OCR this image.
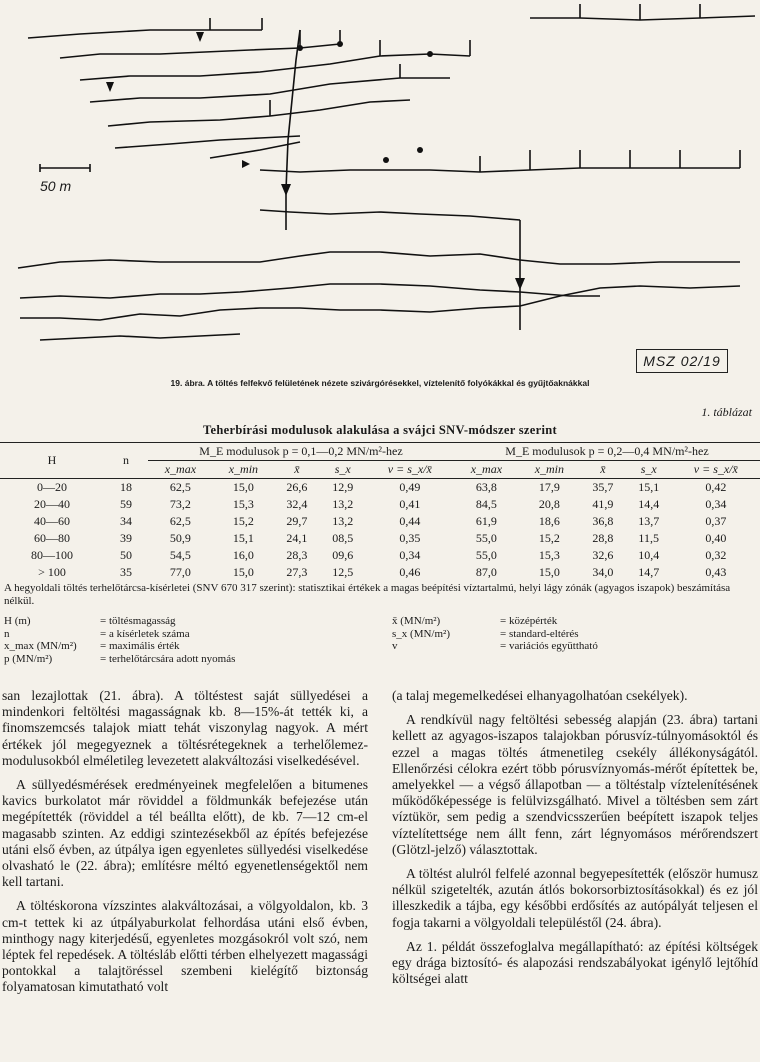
50 m
MSZ 02/19
19. ábra. A töltés felfekvő felületének nézete szivárgórésekkel, víztelenítő folyókákkal és gyűjtőaknákkal
1. táblázat
Teherbírási modulusok alakulása a svájci SNV-módszer szerint
H	n	M_E modulusok p = 0,1—0,2 MN/m²-hez					M_E modulusok p = 0,2—0,4 MN/m²-hez				
		x_max	x_min	x̄	s_x	v = s_x/x̄	x_max	x_min	x̄	s_x	v = s_x/x̄
0—20	18	62,5	15,0	26,6	12,9	0,49	63,8	17,9	35,7	15,1	0,42
20—40	59	73,2	15,3	32,4	13,2	0,41	84,5	20,8	41,9	14,4	0,34
40—60	34	62,5	15,2	29,7	13,2	0,44	61,9	18,6	36,8	13,7	0,37
60—80	39	50,9	15,1	24,1	08,5	0,35	55,0	15,2	28,8	11,5	0,40
80—100	50	54,5	16,0	28,3	09,6	0,34	55,0	15,3	32,6	10,4	0,32
> 100	35	77,0	15,0	27,3	12,5	0,46	87,0	15,0	34,0	14,7	0,43
A hegyoldali töltés terhelőtárcsa-kísérletei (SNV 670 317 szerint): statisztikai értékek a magas beépítési víztartalmú, helyi lágy zónák (agyagos iszapok) beszámítása nélkül.
H (m)	= töltésmagasság	x̄ (MN/m²)	= középérték
n	= a kísérletek száma	s_x (MN/m²)	= standard-eltérés
x_max (MN/m²)	= maximális érték	v	= variációs együttható
p (MN/m²)	= terhelőtárcsára adott nyomás

san lezajlottak (21. ábra). A töltéstest saját süllyedései a mindenkori feltöltési magasságnak kb. 8—15%-át tették ki, a finomszemcsés talajok miatt tehát viszonylag nagyok. A mért értékek jól megegyeznek a töltésrétegeknek a terhelőlemez-modulusokból elméletileg levezetett alakváltozási viselkedésével.

A süllyedésmérések eredményeinek megfelelően a bitumenes kavics burkolatot már röviddel a földmunkák befejezése után megépítették (röviddel a tél beállta előtt), de kb. 7—12 cm-el magasabb szinten. Az eddigi szintezésekből az építés befejezése utáni első évben, az útpálya igen egyenletes süllyedési viselkedése olvasható le (22. ábra); említésre méltó egyenetlenségektől nem kell tartani.

A töltéskorona vízszintes alakváltozásai, a völgyoldalon, kb. 3 cm-t tettek ki az útpályaburkolat felhordása utáni első évben, minthogy nagy kiterjedésű, egyenletes mozgásokról volt szó, nem léptek fel repedések. A töltésláb előtti térben elhelyezett magassági pontokkal a talajtöréssel szembeni kielégítő biztonság folyamatosan kimutatható volt

(a talaj megemelkedései elhanyagolhatóan csekélyek).

A rendkívül nagy feltöltési sebesség alapján (23. ábra) tartani kellett az agyagos-iszapos talajokban pórusvíz-túlnyomásoktól és ezzel a magas töltés átmenetileg csekély állékonyságától. Ellenőrzési célokra ezért több pórusvíznyomás-mérőt építettek be, amelyekkel — a végső állapotban — a töltéstalp víztelenítésének működőképessége is felülvizsgálható. Mivel a töltésben sem zárt víztükör, sem pedig a szendvicsszerűen beépített iszapok teljes víztelítettsége nem állt fenn, zárt légnyomásos mérőrendszert (Glötzl-jelző) választottak.

A töltést alulról felfelé azonnal begyepesítették (először humusz nélkül szigetelték, azután átlós bokorsorbiztosításokkal) és ez jól illeszkedik a tájba, egy későbbi erdősítés az autópályát teljesen el fogja takarni a völgyoldali településtől (24. ábra).

Az 1. példát összefoglalva megállapítható: az építési költségek egy drága biztosító- és alapozási rendszabályokat igénylő lejtőhíd költségei alatt
